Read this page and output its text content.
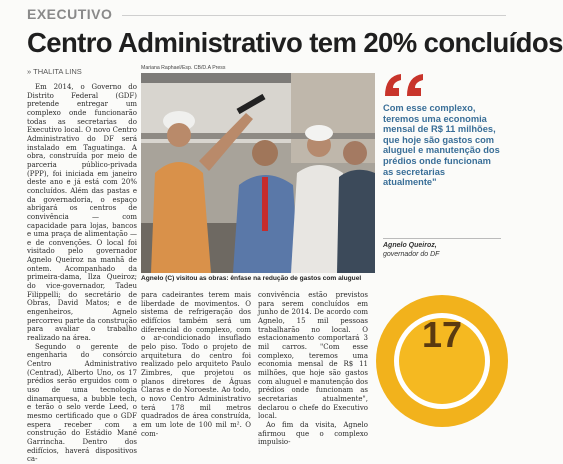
EXECUTIVO
Centro Administrativo tem 20% concluídos
» THALITA LINS

Em 2014, o Governo do Distrito Federal (GDF) pretende entregar um complexo onde funcionarão todas as secretarias do Executivo local. O novo Centro Administrativo do DF será instalado em Taguatinga. A obra, construída por meio de parceria público-privada (PPP), foi iniciada em janeiro deste ano e já está com 20% concluídos. Além das pastas e da governadoria, o espaço abrigará os centros de convivência — com capacidade para lojas, bancos e uma praça de alimentação — e de convenções. O local foi visitado pelo governador Agnelo Queiroz na manhã de ontem. Acompanhado da primeira-dama, Ilza Queiroz; do vice-governador, Tadeu Filippelli; do secretário de Obras, David Matos; e de engenheiros, Agnelo percorreu parte da construção para avaliar o trabalho realizado na área.

Segundo o gerente de engenharia do consórcio Centro Administrativo (Centrad), Alberto Uno, os 17 prédios serão erguidos com o uso de uma tecnologia dinamarquesa, a bubble tech, e terão o selo verde Leed, o mesmo certificado que o GDF espera receber com a construção do Estádio Mané Garrincha. Dentro dos edifícios, haverá dispositivos ca-

Mariana Raphael/Esp. CB/D.A Press
Agnelo (C) visitou as obras: ênfase na redução de gastos com aluguel

para cadeirantes terem mais liberdade de movimentos. O sistema de refrigeração dos edifícios também será um diferencial do complexo, com o ar-condicionado insuflado pelo piso. Todo o projeto de arquitetura do centro foi realizado pelo arquiteto Paulo Zimbres, que projetou os planos diretores de Águas Claras e do Noroeste. Ao todo, o novo Centro Administrativo terá 178 mil metros quadrados de área construída, em um lote de 100 mil m². O com-

convivência estão previstos para serem concluídos em junho de 2014. De acordo com Agnelo, 15 mil pessoas trabalharão no local. O estacionamento comportará 3 mil carros. "Com esse complexo, teremos uma economia mensal de R$ 11 milhões, que hoje são gastos com aluguel e manutenção dos prédios onde funcionam as secretarias atualmente", declarou o chefe do Executivo local.

Ao fim da visita, Agnelo afirmou que o complexo impulsio-

Com esse complexo, teremos uma economia mensal de R$ 11 milhões, que hoje são gastos com aluguel e manutenção dos prédios onde funcionam as secretarias atualmente"
Agnelo Queiroz,
governador do DF
17
